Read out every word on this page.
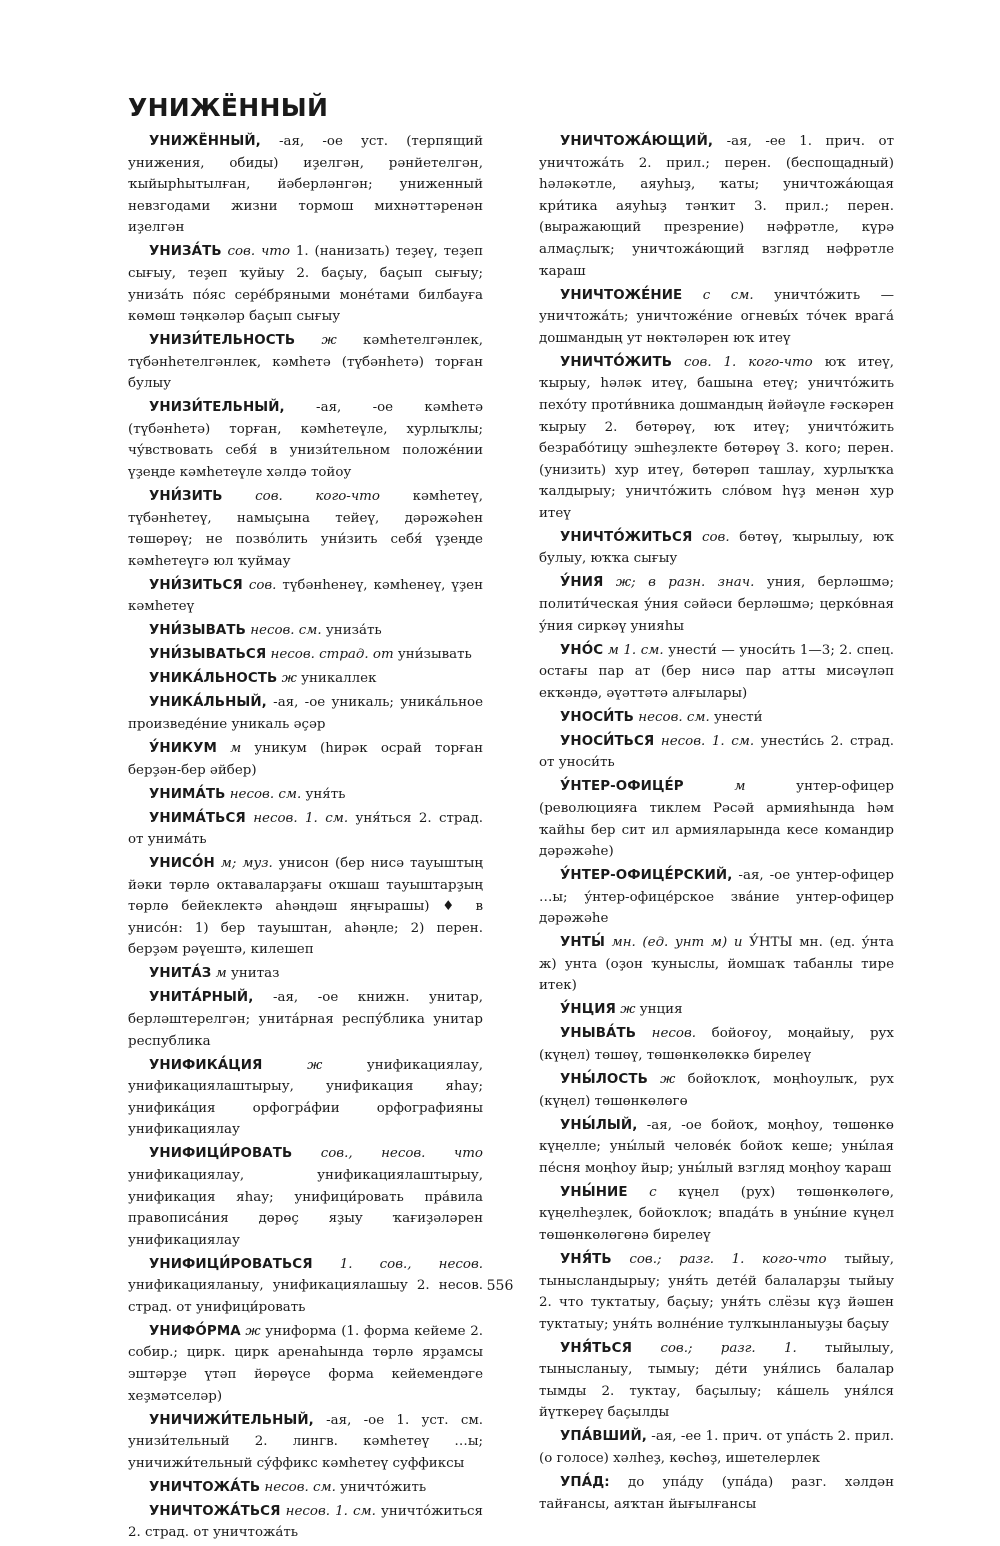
УНИЖЁННЫЙ

УНИЖЁННЫЙ, -ая, -ое уст. (терпящий унижения, обиды) иҙелгән, рәнйетелгән, ҡыйырһытылған, йәберләнгән; униженный невзгодами жизни тормош михнәттәренән иҙелгән

УНИЗА́ТЬ сов. что 1. (нанизать) теҙеү, теҙеп сығыу, теҙеп ҡуйыу 2. баҫыу, баҫып сығыу; униза́ть по́яс сере́бряными моне́тами билбауға көмөш тәңкәләр баҫып сығыу

УНИЗИ́ТЕЛЬНОСТЬ ж кәмһетелгәнлек, түбәнһетелгәнлек, кәмһетә (түбәнһетә) торған булыу

УНИЗИ́ТЕЛЬНЫЙ, -ая, -ое кәмһетә (түбәнһетә) торған, кәмһетеүле, хурлыҡлы; чу́вствовать себя́ в унизи́тельном положе́нии үҙеңде кәмһетеүле хәлдә тойоу

УНИ́ЗИТЬ сов. кого-что кәмһетеү, түбәнһетеү, намыҫына тейеү, дәрәжәһен төшөрөү; не позво́лить уни́зить себя́ үҙеңде кәмһетеүгә юл ҡуймау

УНИ́ЗИТЬСЯ сов. түбәнһенеү, кәмһенеү, үҙен кәмһетеү

УНИ́ЗЫВАТЬ несов. см. униза́ть

УНИ́ЗЫВАТЬСЯ несов. страд. от уни́зывать

УНИКА́ЛЬНОСТЬ ж уникаллек

УНИКА́ЛЬНЫЙ, -ая, -ое уникаль; уника́льное произведе́ние уникаль әҫәр

У́НИКУМ м уникум (һирәк осрай торған берҙән-бер әйбер)

УНИМА́ТЬ несов. см. уня́ть

УНИМА́ТЬСЯ несов. 1. см. уня́ться 2. страд. от унима́ть

УНИСО́Н м; муз. унисон (бер нисә тауыштың йәки төрлө октаваларҙағы оҡшаш тауыштарҙың төрлө бейеклектә аһәңдәш яңғырашы) ♦ в унисо́н: 1) бер тауыштан, аһәңле; 2) перен. берҙәм рәүештә, килешеп

УНИТА́З м унитаз

УНИТА́РНЫЙ, -ая, -ое книжн. унитар, берләштерелгән; унита́рная респу́блика унитар республика

УНИФИКА́ЦИЯ ж унификациялау, унификациялаштырыу, унификация яһау; унифика́ция орфогра́фии орфографияны унификациялау

УНИФИЦИ́РОВАТЬ сов., несов. что унификациялау, унификациялаштырыу, унификация яһау; унифици́ровать пра́вила правописа́ния дөрөҫ яҙыу ҡағиҙәләрен унификациялау

УНИФИЦИ́РОВАТЬСЯ 1. сов., несов. унификацияланыу, унификациялашыу 2. несов. страд. от унифици́ровать

УНИФО́РМА ж униформа (1. форма кейеме 2. собир.; цирк. цирк аренаһында төрлө ярҙамсы эштәрҙе үтәп йөрөүсе форма кейемендәге хеҙмәтселәр)

УНИЧИЖИ́ТЕЛЬНЫЙ, -ая, -ое 1. уст. см. унизи́тельный 2. лингв. кәмһетеү …ы; уничижи́тельный су́ффикс кәмһетеү суффиксы

УНИЧТОЖА́ТЬ несов. см. уничто́жить

УНИЧТОЖА́ТЬСЯ несов. 1. см. уничто́житься 2. страд. от уничтожа́ть

УНИЧТОЖА́ЮЩИЙ, -ая, -ее 1. прич. от уничтожа́ть 2. прил.; перен. (беспощадный) һәләкәтле, аяуһыҙ, ҡаты; уничтожа́ющая кри́тика аяуһыҙ тәнҡит 3. прил.; перен. (выражающий презрение) нәфрәтле, күрә алмаҫлыҡ; уничтожа́ющий взгляд нәфрәтле ҡараш

УНИЧТОЖЕ́НИЕ с см. уничто́жить — уничтожа́ть; уничтоже́ние огневы́х то́чек врага́ дошмандың ут нөктәләрен юҡ итеү

УНИЧТО́ЖИТЬ сов. 1. кого-что юҡ итеү, ҡырыу, һәләк итеү, башына етеү; уничто́жить пехо́ту проти́вника дошмандың йәйәүле ғәскәрен ҡырыу 2. бөтөрөү, юҡ итеү; уничто́жить безрабо́тицу эшһеҙлекте бөтөрөү 3. кого; перен. (унизить) хур итеү, бөтөрөп ташлау, хурлыҡҡа ҡалдырыу; уничто́жить сло́вом һүҙ менән хур итеү

УНИЧТО́ЖИТЬСЯ сов. бөтөү, ҡырылыу, юҡ булыу, юҡҡа сығыу

У́НИЯ ж; в разн. знач. уния, берләшмә; полити́ческая у́ния сәйәси берләшмә; церко́вная у́ния сиркәү унияһы

УНО́С м 1. см. унести́ — уноси́ть 1—3; 2. спец. остағы пар ат (бер нисә пар атты мисәүләп екҡәндә, әүәттәтә алғылары)

УНОСИ́ТЬ несов. см. унести́

УНОСИ́ТЬСЯ несов. 1. см. унести́сь 2. страд. от уноси́ть

У́НТЕР-ОФИЦЕ́Р м унтер-офицер (революцияға тиклем Рәсәй армияһында һәм ҡайһы бер сит ил армияларында кесе командир дәрәжәһе)

У́НТЕР-ОФИЦЕ́РСКИЙ, -ая, -ое унтер-офицер …ы; у́нтер-офице́рское зва́ние унтер-офицер дәрәжәһе

УНТЫ́ мн. (ед. унт м) и У́НТЫ мн. (ед. у́нта ж) унта (оҙон ҡуныслы, йомшаҡ табанлы тире итек)

У́НЦИЯ ж унция

УНЫВА́ТЬ несов. бойоғоу, моңайыу, рух (күңел) төшөү, төшөнкөлөккә бирелеү

УНЫ́ЛОСТЬ ж бойоҡлоҡ, моңһоулыҡ, рух (күңел) төшөнкөлөгө

УНЫ́ЛЫЙ, -ая, -ое бойоҡ, моңһоу, төшөнкө күңелле; уны́лый челове́к бойоҡ кеше; уны́лая пе́сня моңһоу йыр; уны́лый взгляд моңһоу ҡараш

УНЫ́НИЕ с күңел (рух) төшөнкөлөгө, күңелһеҙлек, бойоҡлоҡ; впада́ть в уны́ние күңел төшөнкөлөгөнә бирелеү

УНЯ́ТЬ сов.; разг. 1. кого-что тыйыу, тынысландырыу; уня́ть дете́й балаларҙы тыйыу 2. что туктатыу, баҫыу; уня́ть слёзы күҙ йәшен туктатыу; уня́ть волне́ние тулҡынланыуҙы баҫыу

УНЯ́ТЬСЯ сов.; разг. 1. тыйылыу, тынысланыу, тымыу; де́ти уня́лись балалар тымды 2. туктау, баҫылыу; ка́шель уня́лся йүткереү баҫылды

УПА́ВШИЙ, -ая, -ее 1. прич. от упа́сть 2. прил. (о голосе) хәлһеҙ, көсһөҙ, ишетелерлек

УПА́Д: до упа́ду (упа́да) разг. хәлдән тайғансы, аяҡтан йығылғансы

556
